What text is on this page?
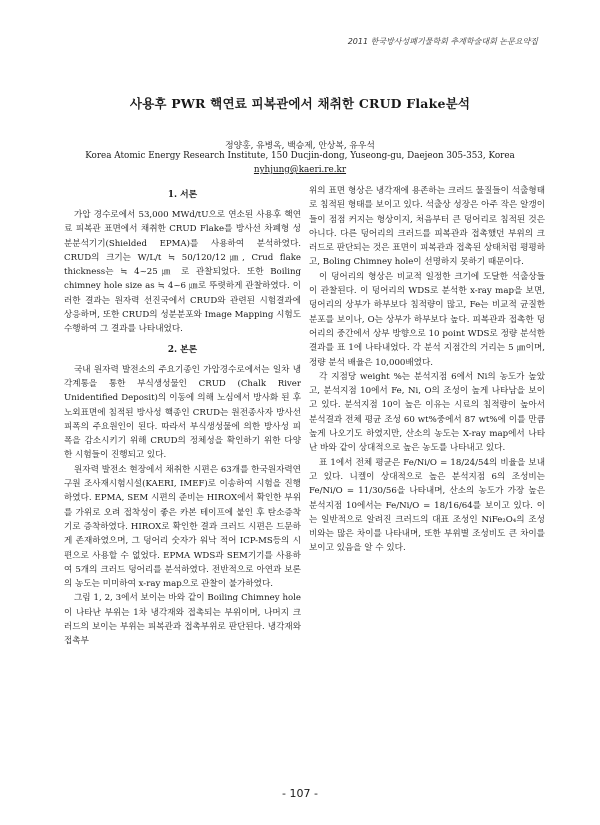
2011 한국방사성폐기물학회 추계학술대회 논문요약집
사용후 PWR 핵연료 피복관에서 채취한 CRUD Flake분석
정양홍, 유병옥, 백승제, 안상복, 유우석
Korea Atomic Energy Research Institute, 150 Ducjin-dong, Yuseong-gu, Daejeon 305-353, Korea
nyhjung@kaeri.re.kr
1. 서론

가압 경수로에서 53,000 MWd/tU으로 연소된 사용후 핵연료 피복관 표면에서 채취한 CRUD Flake를 방사선 차폐형 성분분석기기(Shielded EPMA)를 사용하여 분석하였다. CRUD의 크기는 W/L/t ≒ 50/120/12㎛, Crud flake thickness는 ≒ 4~25㎛ 로 관찰되었다. 또한 Boiling chimney hole size as ≒ 4~6 ㎛로 뚜렷하게 관찰하였다. 이러한 결과는 원자력 선진국에서 CRUD와 관련된 시험결과에 상응하며, 또한 CRUD의 성분분포와 Image Mapping 시험도 수행하여 그 결과를 나타내었다.

2. 본론

국내 원자력 발전소의 주요기종인 가압경수로에서는 일차 냉각계통을 통한 부식생성물인 CRUD (Chalk River Unidentified Deposit)의 이동에 의해 노심에서 방사화 된 후 노외표면에 침적된 방사성 핵종인 CRUD는 원전종사자 방사선 피폭의 주요원인이 된다. 따라서 부식생성물에 의한 방사성 피폭을 감소시키기 위해 CRUD의 정체성을 확인하기 위한 다양한 시험들이 진행되고 있다.

원자력 발전소 현장에서 채취한 시편은 63개를 한국원자력연구원 조사재시험시설(KAERI, IMEF)로 이송하여 시험을 진행하였다. EPMA, SEM 시편의 준비는 HIROX에서 확인한 부위를 가위로 오려 접착성이 좋은 카본 테이프에 붙인 후 탄소증착기로 증착하였다. HIROX로 확인한 결과 크러드 시편은 드문하게 존재하였으며, 그 덩어리 숫자가 워낙 적어 ICP-MS등의 시편으로 사용할 수 없었다. EPMA WDS과 SEM기기를 사용하여 5개의 크러드 덩어리를 분석하였다. 전반적으로 아연과 보론의 농도는 미미하여 x-ray map으로 관찰이 불가하였다.

그림 1, 2, 3에서 보이는 바와 같이 Boiling Chimney hole이 나타난 부위는 1차 냉각재와 접촉되는 부위이며, 나머지 크러드의 보이는 부위는 피복관과 접촉부위로 판단된다. 냉각재와 접촉부

위의 표면 형상은 냉각재에 용존하는 크러드 물질들이 석출형태로 침적된 형태를 보이고 있다. 석출상 성장은 아주 작은 알갱이들이 점점 커지는 형상이지, 처음부터 큰 덩어리로 침적된 것은 아니다. 다른 덩어리의 크러드를 피복관과 접촉했던 부위의 크러드로 판단되는 것은 표면이 피복관과 접촉된 상태처럼 평평하고, Boling Chimney hole이 선명하지 못하기 때문이다.

이 덩어리의 형상은 비교적 일정한 크기에 도달한 석출상들이 관찰된다. 이 덩어리의 WDS로 분석한 x-ray map을 보면, 덩어리의 상부가 하부보다 침적량이 많고, Fe는 비교적 균질한 분포를 보이나, O는 상부가 하부보다 높다. 피복관과 접촉한 덩어리의 중간에서 상부 방향으로 10 point WDS로 정량 분석한 결과를 표 1에 나타내었다. 각 분석 지점간의 거리는 5 ㎛이며, 정량 분석 배율은 10,000배였다.

각 지점당 weight %는 분석지점 6에서 Ni의 농도가 높았고, 분석지점 10에서 Fe, Ni, O의 조성이 높게 나타남을 보이고 있다. 분석지점 10이 높은 이유는 시료의 침적량이 높아서 분석결과 전체 평균 조성 60 wt%중에서 87 wt%에 이를 만큼 높게 나오기도 하였지만, 산소의 농도는 X-ray map에서 나타난 바와 같이 상대적으로 높은 농도를 나타내고 있다.

표 1에서 전체 평균은 Fe/Ni/O = 18/24/54의 비율을 보내고 있다. 니켈이 상대적으로 높은 분석지점 6의 조성비는 Fe/Ni/O = 11/30/56을 나타내며, 산소의 농도가 가장 높은 분석지점 10에서는 Fe/Ni/O = 18/16/64를 보이고 있다. 이는 일반적으로 알려진 크러드의 대표 조성인 NiFe₂O₄의 조성비와는 많은 차이를 나타내며, 또한 부위별 조성비도 큰 차이를 보이고 있음을 알 수 있다.

- 107 -
